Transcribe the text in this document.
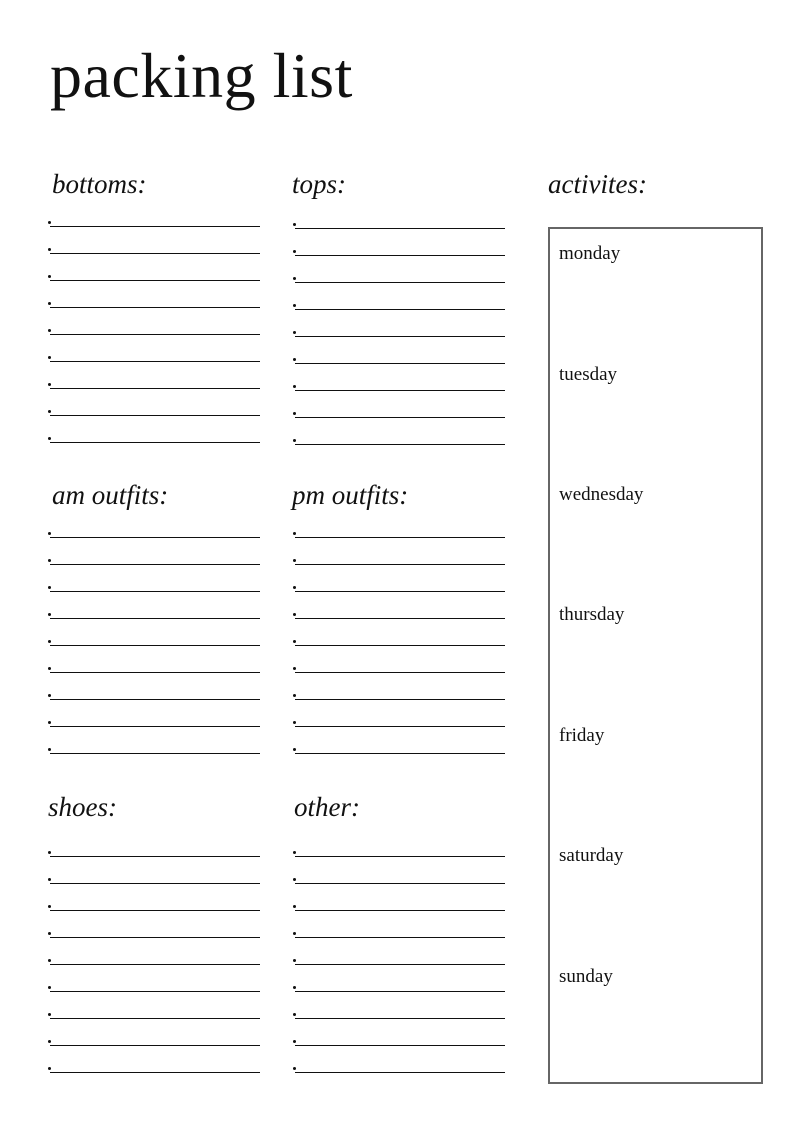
packing list
bottoms:
am outfits:
shoes:
tops:
pm outfits:
other:
activites:
monday
tuesday
wednesday
thursday
friday
saturday
sunday
